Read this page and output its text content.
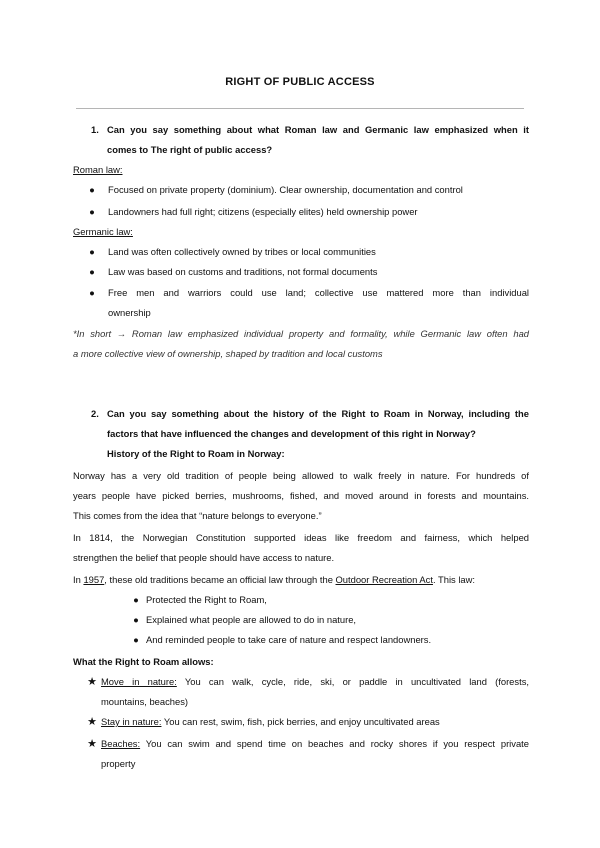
RIGHT OF PUBLIC ACCESS
1. Can you say something about what Roman law and Germanic law emphasized when it
comes to The right of public access?
Roman law:
● Focused on private property (dominium). Clear ownership, documentation and control
● Landowners had full right; citizens (especially elites) held ownership power
Germanic law:
● Land was often collectively owned by tribes or local communities
● Law was based on customs and traditions, not formal documents
● Free men and warriors could use land; collective use mattered more than individual
ownership
*In short → Roman law emphasized individual property and formality, while Germanic law often had
a more collective view of ownership, shaped by tradition and local customs
2. Can you say something about the history of the Right to Roam in Norway, including the
factors that have influenced the changes and development of this right in Norway?
History of the Right to Roam in Norway:
Norway has a very old tradition of people being allowed to walk freely in nature. For hundreds of
years people have picked berries, mushrooms, fished, and moved around in forests and mountains.
This comes from the idea that “nature belongs to everyone.”
In 1814, the Norwegian Constitution supported ideas like freedom and fairness, which helped
strengthen the belief that people should have access to nature.
In 1957, these old traditions became an official law through the Outdoor Recreation Act. This law:
● Protected the Right to Roam,
● Explained what people are allowed to do in nature,
● And reminded people to take care of nature and respect landowners.
What the Right to Roam allows:
★ Move in nature: You can walk, cycle, ride, ski, or paddle in uncultivated land (forests,
mountains, beaches)
★ Stay in nature: You can rest, swim, fish, pick berries, and enjoy uncultivated areas
★ Beaches: You can swim and spend time on beaches and rocky shores if you respect private
property
